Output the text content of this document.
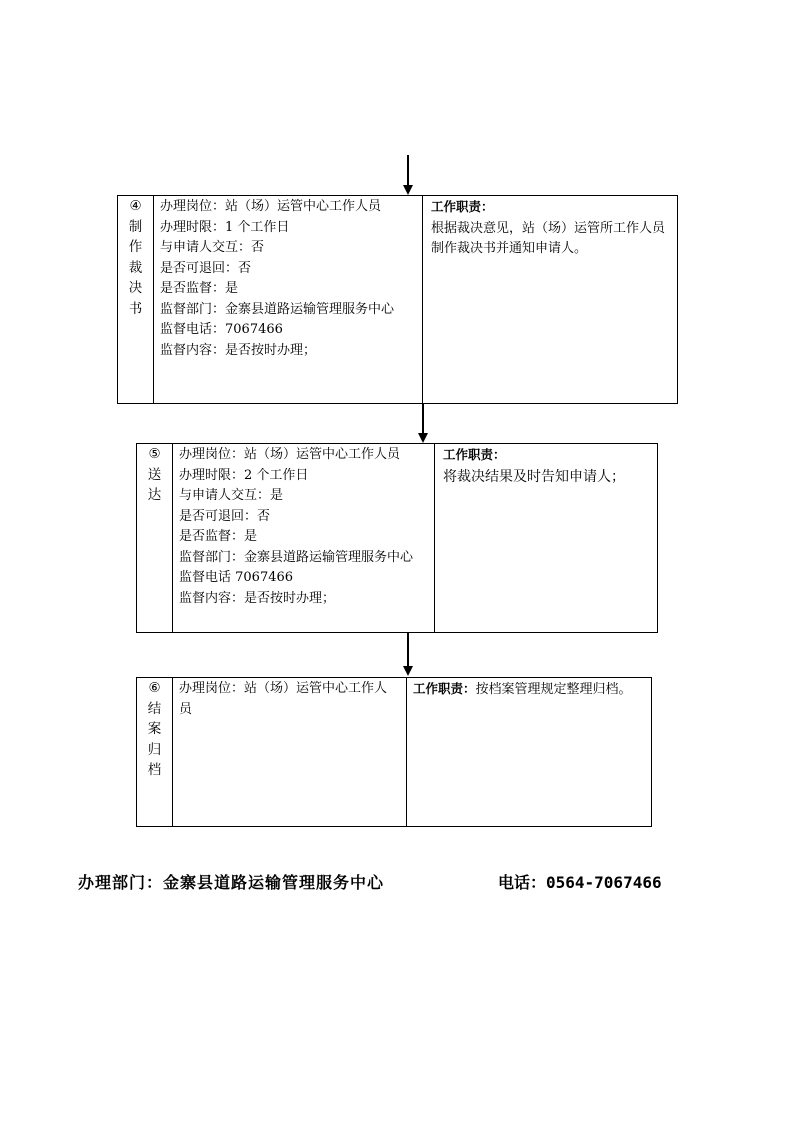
④
制
作
裁
决
书
办理岗位：站（场）运管中心工作人员
办理时限：1 个工作日
与申请人交互：否
是否可退回：否
是否监督：是
监督部门：金寨县道路运输管理服务中心
监督电话：7067466
监督内容：是否按时办理；
工作职责：
根据裁决意见，站（场）运管所工作人员制作裁决书并通知申请人。
⑤
送
达
办理岗位：站（场）运管中心工作人员
办理时限：2 个工作日
与申请人交互：是
是否可退回：否
是否监督：是
监督部门：金寨县道路运输管理服务中心
监督电话 7067466
监督内容：是否按时办理；
工作职责：
将裁决结果及时告知申请人；
⑥
结
案
归
档
办理岗位：站（场）运管中心工作人
员
工作职责：按档案管理规定整理归档。
办理部门：金寨县道路运输管理服务中心	电话：0564-7067466
